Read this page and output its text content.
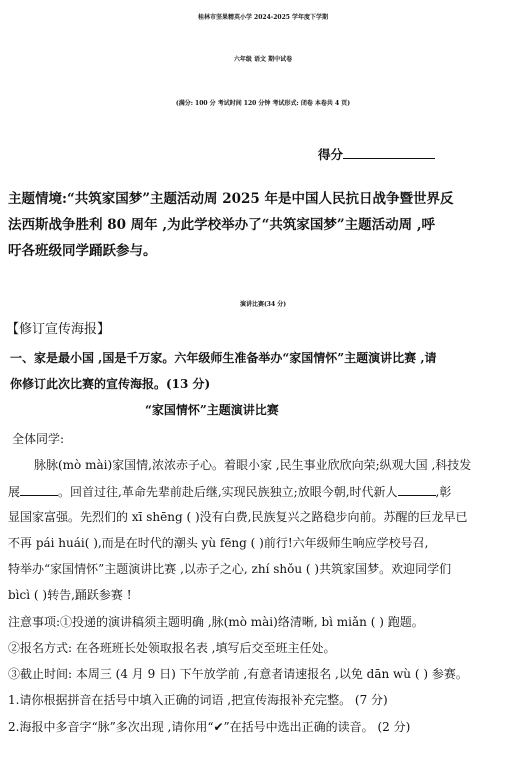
桂林市坚果精英小学 2024-2025 学年度下学期
六年级 语文 期中试卷
(满分: 100 分 考试时间 120 分钟 考试形式: 闭卷 本卷共 4 页)
得分
主题情境:“共筑家国梦”主题活动周 2025 年是中国人民抗日战争暨世界反
法西斯战争胜利 80 周年 ,为此学校举办了“共筑家国梦”主题活动周 ,呼
吁各班级同学踊跃参与。
演讲比赛(34 分)
【修订宣传海报】
一、家是最小国 ,国是千万家。六年级师生准备举办“家国情怀”主题演讲比赛 ,请
你修订此次比赛的宣传海报。(13 分)
“家国情怀”主题演讲比赛
全体同学:
脉脉(mò mài)家国情,浓浓赤子心。着眼小家 ,民生事业欣欣向荣;纵观大国 ,科技发
展	。回首过往,革命先辈前赴后继,实现民族独立;放眼今朝,时代新人	,彰
显国家富强。先烈们的 xī shēng ( )没有白费,民族复兴之路稳步向前。苏醒的巨龙早已
不再 pái huái( ),而是在时代的潮头 yù fēng ( )前行!六年级师生响应学校号召,
特举办“家国情怀”主题演讲比赛 ,以赤子之心, zhí shǒu ( )共筑家国梦。欢迎同学们
bìcì ( )转告,踊跃参赛 !
注意事项:①投递的演讲稿须主题明确 ,脉(mò mài)络清晰, bì miǎn ( ) 跑题。
②报名方式: 在各班班长处领取报名表 ,填写后交至班主任处。
③截止时间: 本周三 (4 月 9 日) 下午放学前 ,有意者请速报名 ,以免 dān wù ( ) 参赛。
1.请你根据拼音在括号中填入正确的词语 ,把宣传海报补充完整。 (7 分)
2.海报中多音字“脉”多次出现 ,请你用“✔”在括号中选出正确的读音。 (2 分)
